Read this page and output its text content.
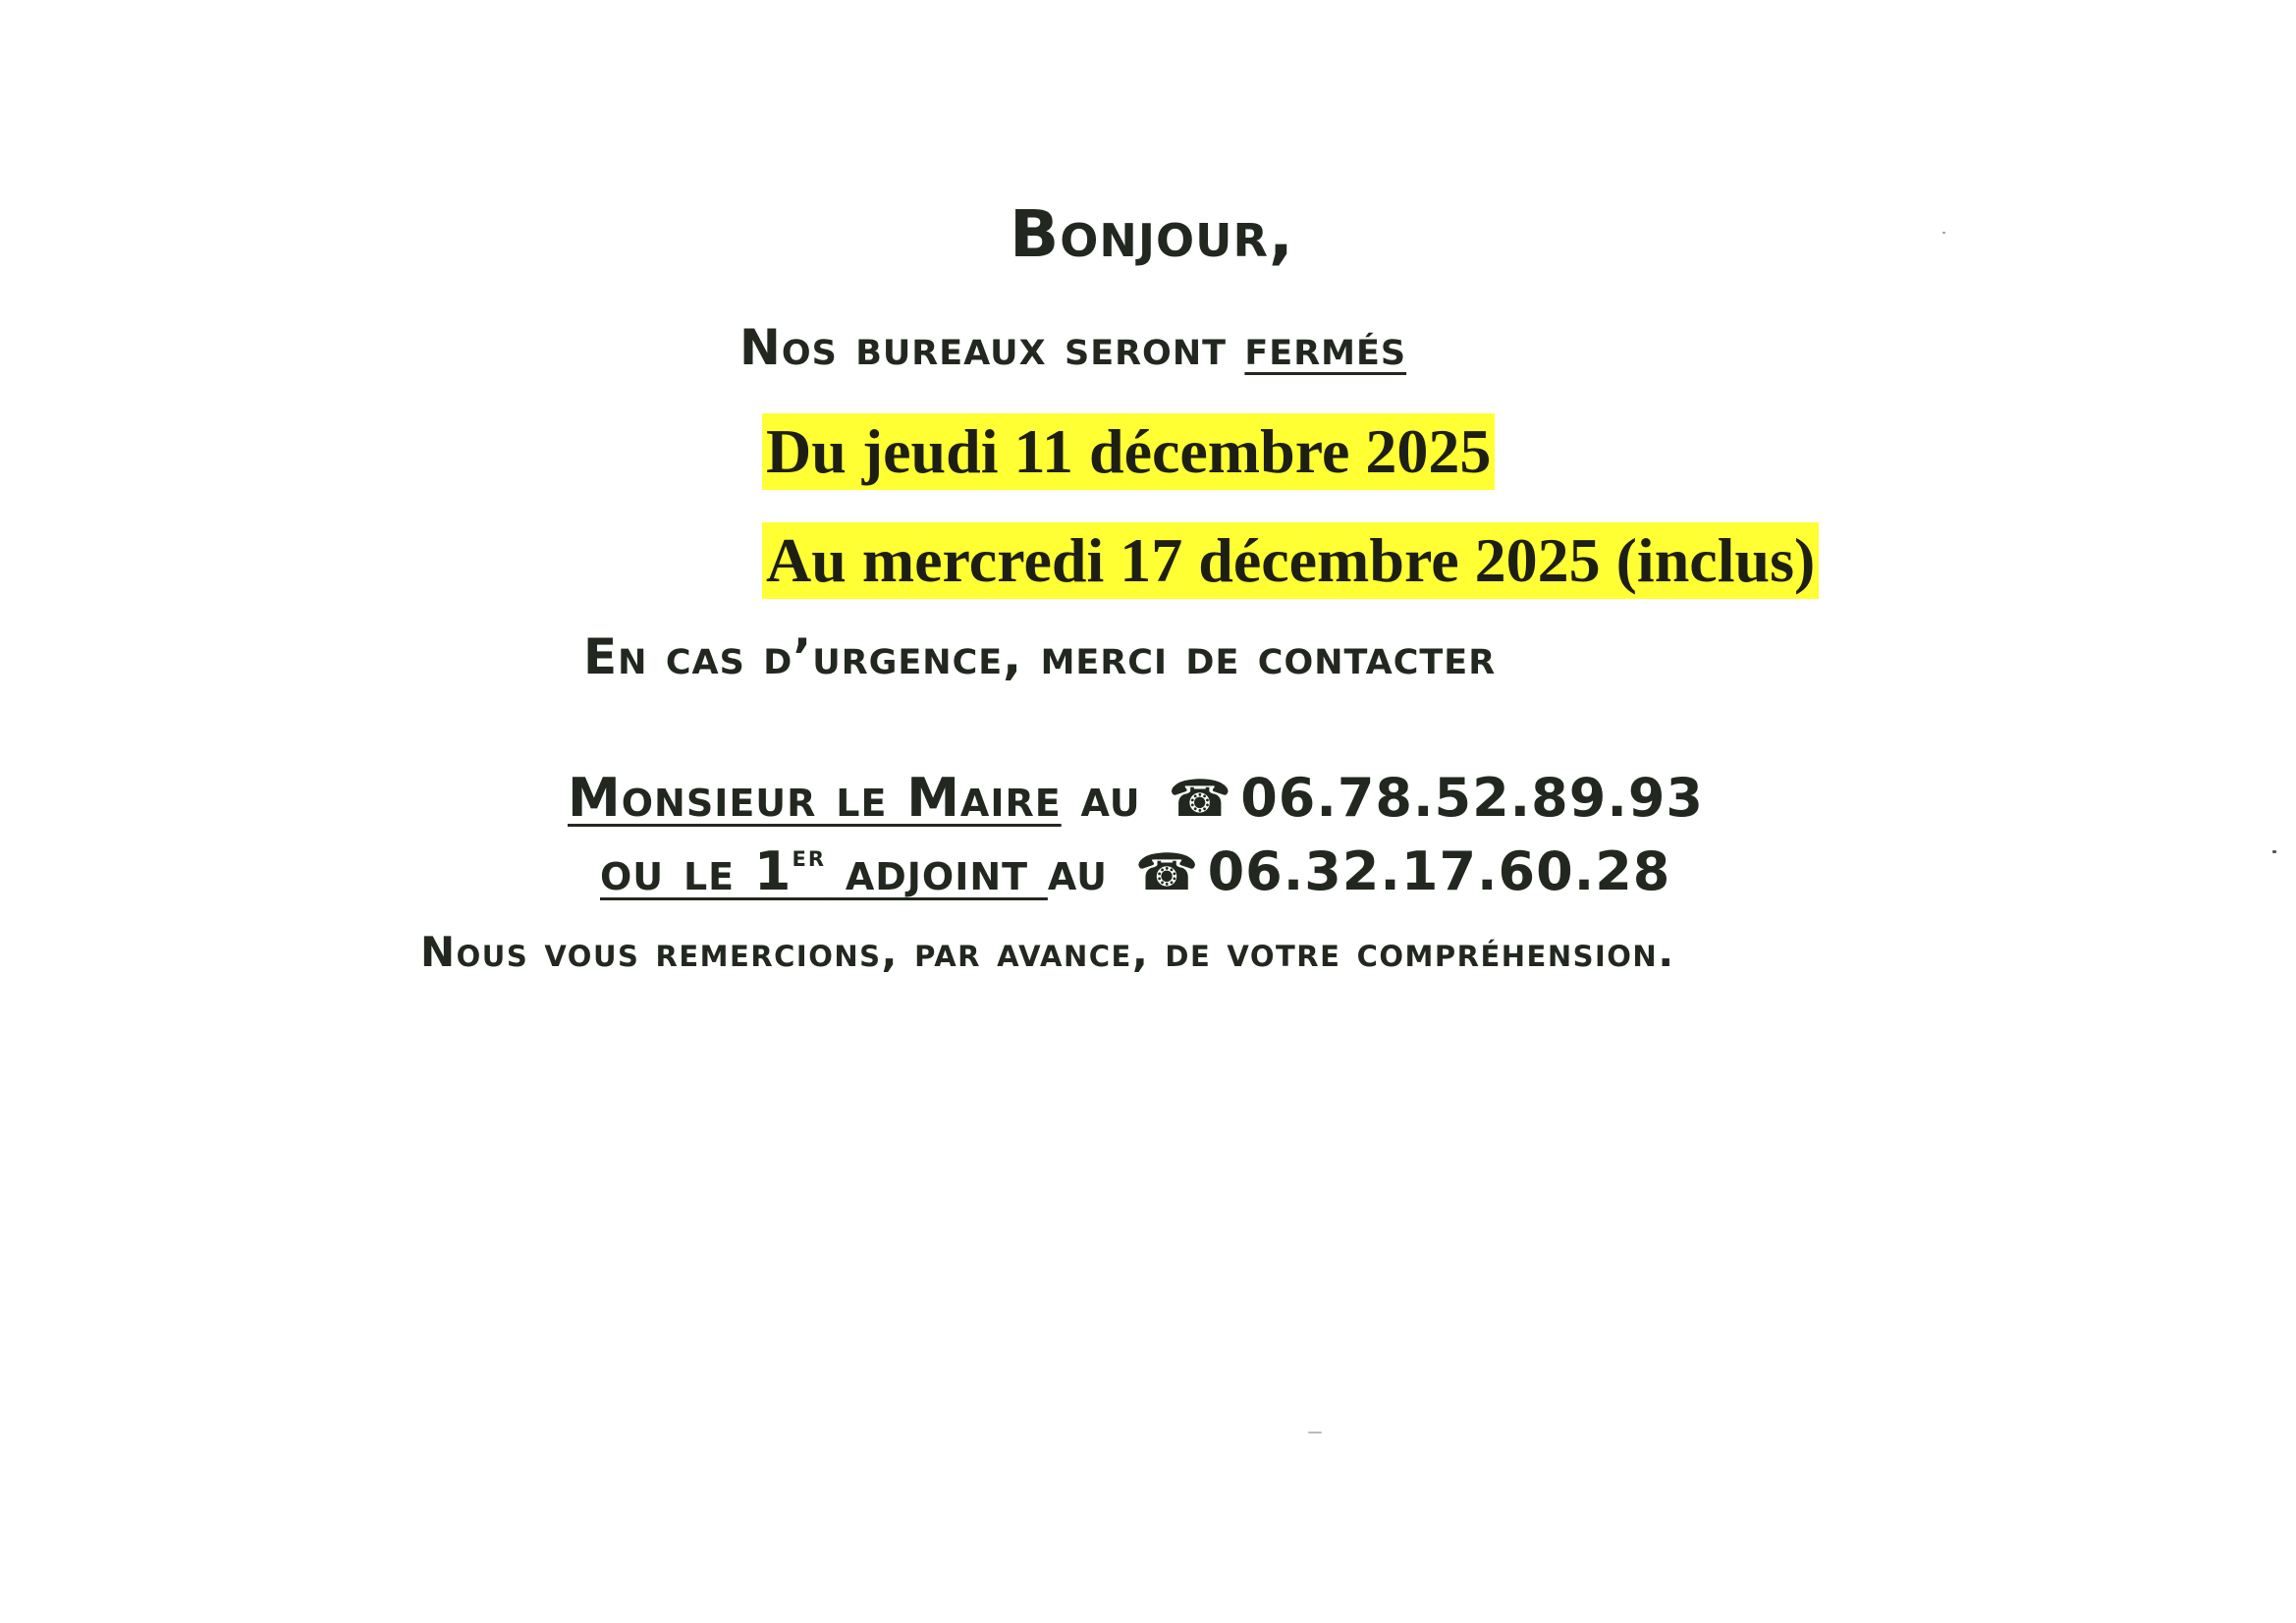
Bonjour,
Nos bureaux seront fermés
Du jeudi 11 décembre 2025
Au mercredi 17 décembre 2025 (inclus)
En cas d’urgence, merci de contacter
Monsieur le Maire au ☎ 06.78.52.89.93
ou le 1er adjoint au ☎ 06.32.17.60.28
Nous vous remercions, par avance, de votre compréhension.
